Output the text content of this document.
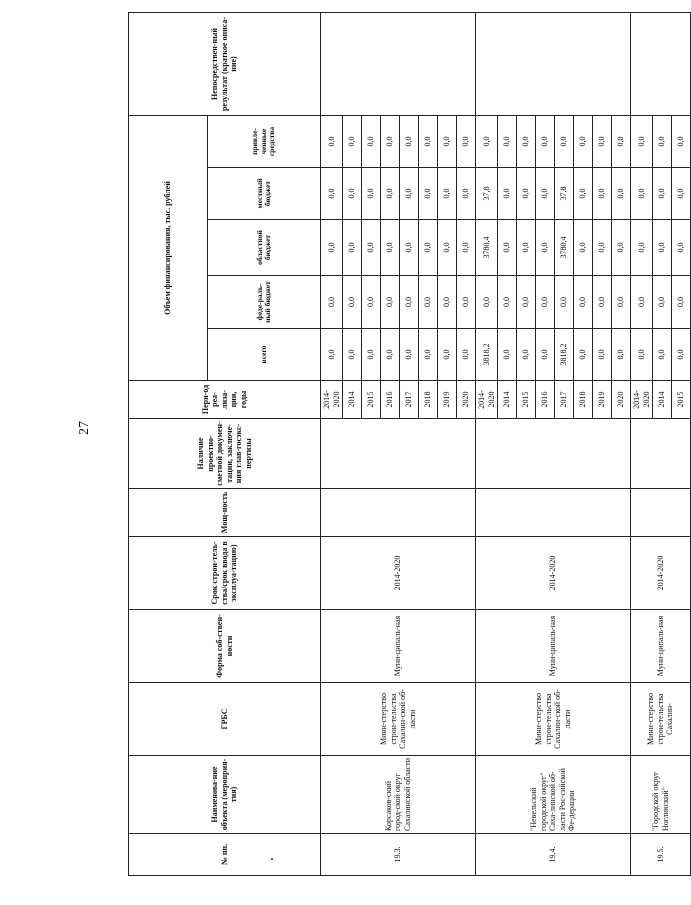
27
№ пп.	Наименова-ние объекта (мероприя-тия)	ГРБС	Форма соб-ствен-ности	Срок строи-тель-ства/срок ввода в эксплуа-тацию)	Мощ-ность	Наличие проектно-сметной докумен-тации, заключе-ния глав-госэкс-пертизы	Пери-од реа-лиза-ции, годы	Объем финансирования, тыс. рублей					Непосредствен-ный результат (краткое описа-ние)
								всего	феде-раль-ный бюджет	областной бюджет	местный бюджет	привле-ченные средства	
19.3.	Корсаков-ский город-ской округ Сахалинской области	Мини-стерство строи-тельства Сахалин-ской об-ласти	Муни-ципаль-ная	2014-2020			2014-2020	0,0	0,0	0,0	0,0	0,0	
							2014	0,0	0,0	0,0	0,0	0,0	
							2015	0,0	0,0	0,0	0,0	0,0	
							2016	0,0	0,0	0,0	0,0	0,0	
							2017	0,0	0,0	0,0	0,0	0,0	
							2018	0,0	0,0	0,0	0,0	0,0	
							2019	0,0	0,0	0,0	0,0	0,0	
							2020	0,0	0,0	0,0	0,0	0,0	
19.4.	"Невельский городской округ" Саха-линской об-ласти Рос-сийской Фе-дерации	Мини-стерство строи-тельства Сахалин-ской об-ласти	Муни-ципаль-ная	2014-2020			2014-2020	3818,2	0,0	3780,4	37,8	0,0	
							2014	0,0	0,0	0,0	0,0	0,0	
							2015	0,0	0,0	0,0	0,0	0,0	
							2016	0,0	0,0	0,0	0,0	0,0	
							2017	3818,2	0,0	3780,4	37,8	0,0	
							2018	0,0	0,0	0,0	0,0	0,0	
							2019	0,0	0,0	0,0	0,0	0,0	
							2020	0,0	0,0	0,0	0,0	0,0	
19.5.	"Городской округ Ногликский"	Мини-стерство строи-тельства Сахалин-	Муни-ципаль-ная	2014-2020			2014-2020	0,0	0,0	0,0	0,0	0,0	
							2014	0,0	0,0	0,0	0,0	0,0	
							2015	0,0	0,0	0,0	0,0	0,0	
